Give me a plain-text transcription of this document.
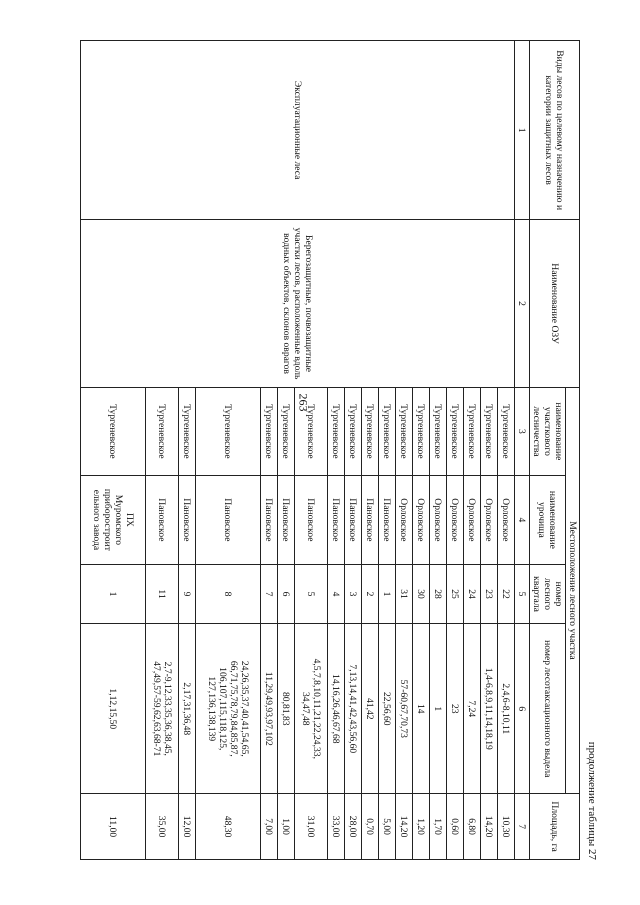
263
продолжение таблицы 27
Виды лесов по целевому назначению и категории защитных лесов	Наименование ОЗУ	Местоположение лесного участка				Площадь, га
		наименование участкового лесничества	наименование урочища	номер лесного квартала	номер лесотаксационного выдела	
1	2	3	4	5	6	7
Эксплуатационные леса	Берегозащитные, почвозащитные участки лесов, расположенные вдоль водных объектов, склонов оврагов	Тургеневское	Орловское	22	2,4,6-8,10,11	10,30
		Тургеневское	Орловское	23	1,4-6,8,9,11,14,18,19	14,20
		Тургеневское	Орловское	24	7,24	6,80
		Тургеневское	Орловское	25	23	0,60
		Тургеневское	Орловское	28	1	1,70
		Тургеневское	Орловское	30	14	1,20
		Тургеневское	Орловское	31	57-60,67,70,73	14,20
		Тургеневское	Пановское	1	22,56,60	5,00
		Тургеневское	Пановское	2	41,42	0,70
		Тургеневское	Пановское	3	7,13,14,41,42,43,56,60	28,00
		Тургеневское	Пановское	4	14,16,26,46,67,68	33,00
		Тургеневское	Пановское	5	4,5,7,8,10,11,21,22,24,33,
34,47,48	31,00
		Тургеневское	Пановское	6	80,81,83	1,00
		Тургеневское	Пановское	7	11,29,49,93,97,102	7,00
		Тургеневское	Пановское	8	24,26,35,37,40,41,54,65,
66,71,75,78,79,84,85,87,
106,107,115,118,125,
127,136,138,139	48,30
		Тургеневское	Пановское	9	2,17,31,36,48	12,00
		Тургеневское	Пановское	11	2,7-9,12,33,35,36,38,45,
47,49,57-59,62,63,68-71	35,00
		Тургеневское	ПХ
Муромского
приборостроит
ельного завода	1	1,12,15,50	11,00
